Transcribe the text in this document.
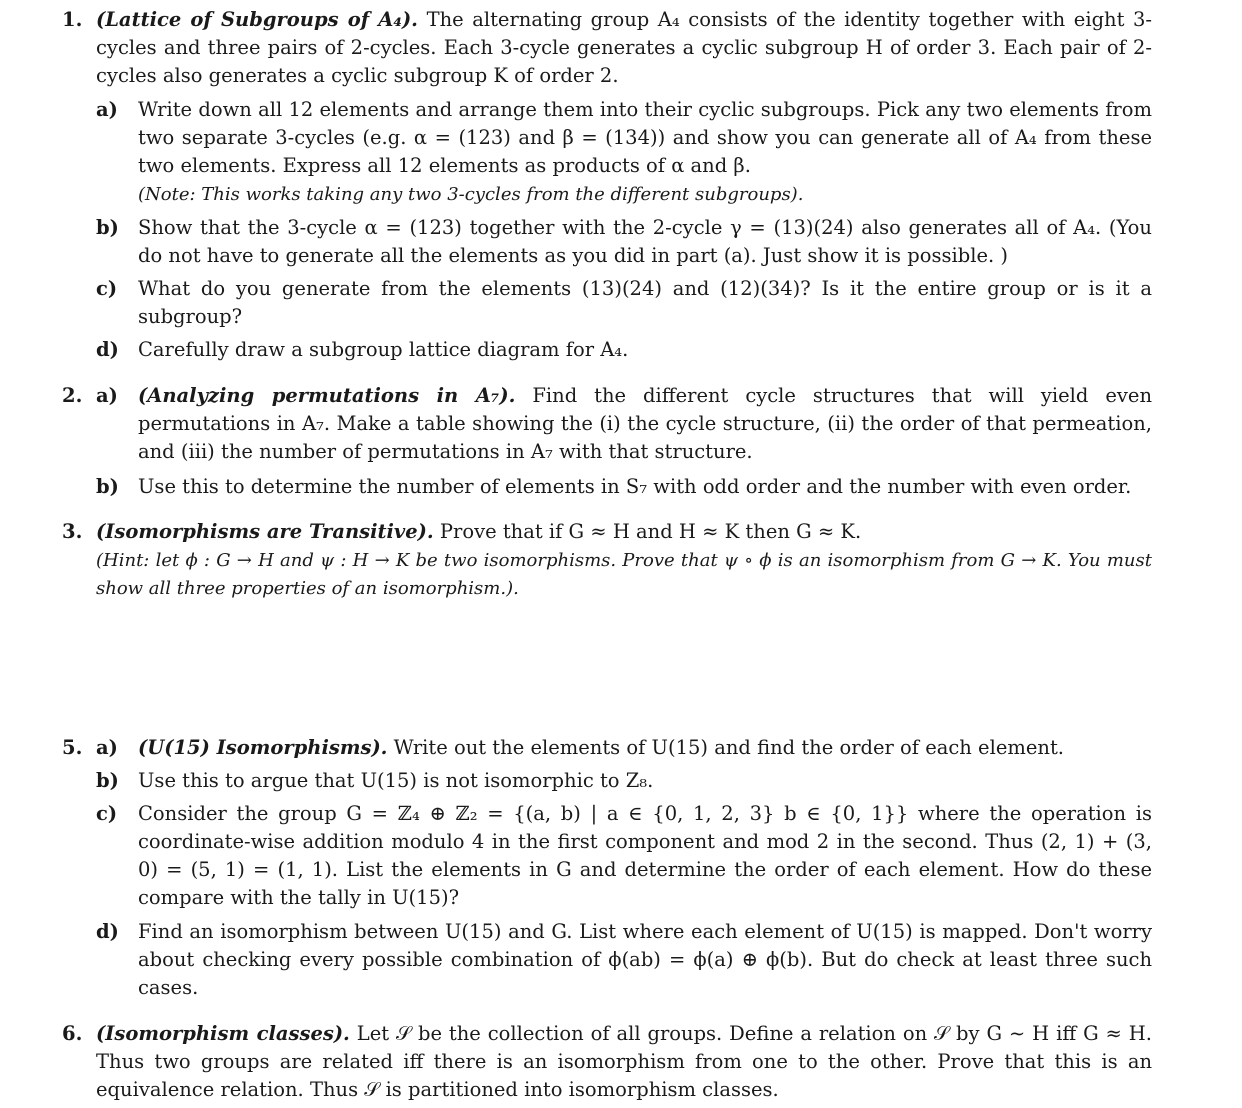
1. (Lattice of Subgroups of A₄). The alternating group A₄ consists of the identity together with eight 3-cycles and three pairs of 2-cycles. Each 3-cycle generates a cyclic subgroup H of order 3. Each pair of 2-cycles also generates a cyclic subgroup K of order 2.
a)	Write down all 12 elements and arrange them into their cyclic subgroups. Pick any two elements from two separate 3-cycles (e.g. α = (123) and β = (134)) and show you can generate all of A₄ from these two elements. Express all 12 elements as products of α and β.
(Note: This works taking any two 3-cycles from the different subgroups).
b) Show that the 3-cycle α = (123) together with the 2-cycle γ = (13)(24) also generates all of A₄. (You do not have to generate all the elements as you did in part (a). Just show it is possible. )
c)	What do you generate from the elements (13)(24) and (12)(34)? Is it the entire group or is it a subgroup?
d) Carefully draw a subgroup lattice diagram for A₄.
2. a)	(Analyzing permutations in A₇). Find the different cycle structures that will yield even permutations in A₇. Make a table showing the (i) the cycle structure, (ii) the order of that permeation, and (iii) the number of permutations in A₇ with that structure.
b) Use this to determine the number of elements in S₇ with odd order and the number with even order.
3. (Isomorphisms are Transitive). Prove that if G ≈ H and H ≈ K then G ≈ K.
(Hint: let ϕ : G → H and ψ : H → K be two isomorphisms. Prove that ψ ∘ ϕ is an isomorphism from G → K. You must show all three properties of an isomorphism.).
5. a)	(U(15) Isomorphisms). Write out the elements of U(15) and find the order of each element.
b) Use this to argue that U(15) is not isomorphic to Z₈.
c)	Consider the group G = ℤ₄ ⊕ ℤ₂ = {(a, b) | a ∈ {0, 1, 2, 3} b ∈ {0, 1}} where the operation is coordinate-wise addition modulo 4 in the first component and mod 2 in the second. Thus (2, 1) + (3, 0) = (5, 1) = (1, 1). List the elements in G and determine the order of each element. How do these compare with the tally in U(15)?
d) Find an isomorphism between U(15) and G. List where each element of U(15) is mapped. Don't worry about checking every possible combination of ϕ(ab) = ϕ(a) ⊕ ϕ(b). But do check at least three such cases.
6. (Isomorphism classes). Let 𝒮 be the collection of all groups. Define a relation on 𝒮 by G ∼ H iff G ≈ H. Thus two groups are related iff there is an isomorphism from one to the other. Prove that this is an equivalence relation. Thus 𝒮 is partitioned into isomorphism classes.
